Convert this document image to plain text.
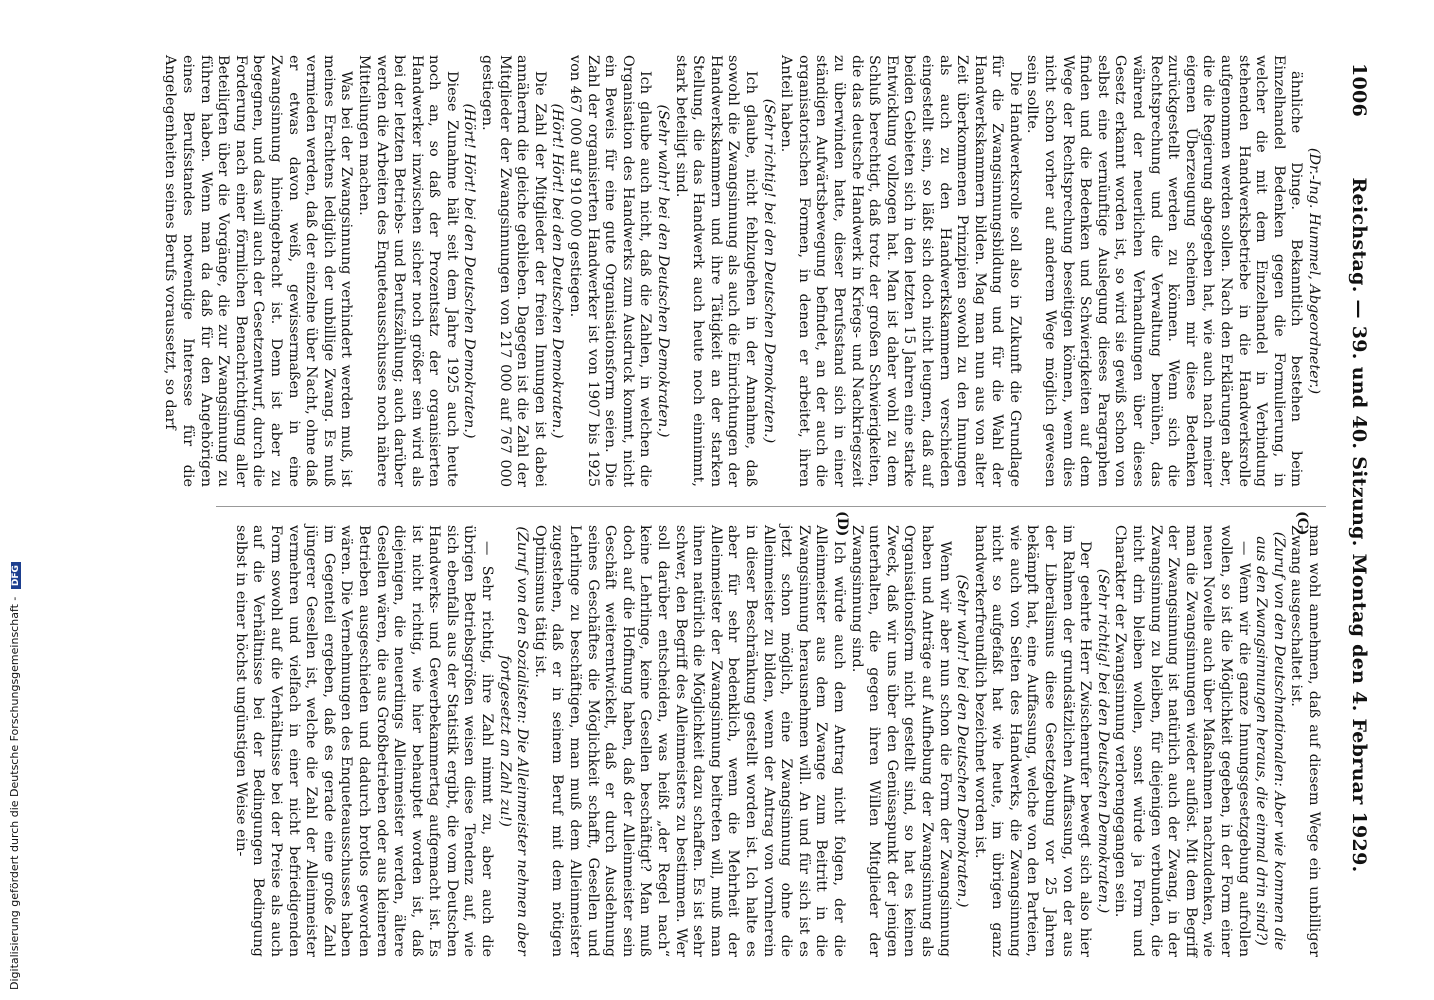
1006
Reichstag. — 39. und 40. Sitzung. Montag den 4. Februar 1929.
(C)
(D)

man wohl annehmen, daß auf diesem Wege ein unbilliger Zwang ausgeschaltet ist.

(Zuruf von den Deutschnationalen: Aber wie kommen die aus den Zwangsinnungen heraus, die einmal drin sind?)

— Wenn wir die ganze Innungsgesetzgebung aufrollen wollen, so ist die Möglichkeit gegeben, in der Form einer neuen Novelle auch über Maßnahmen nachzudenken, wie man die Zwangsinnungen wieder auflöst. Mit dem Begriff der Zwangsinnung ist natürlich auch der Zwang, in der Zwangsinnung zu bleiben, für diejenigen verbunden, die nicht drin bleiben wollen, sonst würde ja Form und Charakter der Zwangsinnung verlorengegangen sein.

(Sehr richtig! bei den Deutschen Demokraten.)

Der geehrte Herr Zwischenrufer bewegt sich also hier im Rahmen der grundsätzlichen Auffassung, von der aus der Liberalismus diese Gesetzgebung vor 25 Jahren bekämpft hat, eine Auffassung, welche von den Parteien, wie auch von Seiten des Handwerks, die Zwangsinnung nicht so aufgefaßt hat wie heute, im übrigen ganz handwerkerfreundlich bezeichnet worden ist.

(Sehr wahr! bei den Deutschen Demokraten.)

Wenn wir aber nun schon die Form der Zwangsinnung haben und Anträge auf Aufhebung der Zwangsinnung als Organisationsform nicht gestellt sind, so hat es keinen Zweck, daß wir uns über den Genüsaspunkt der jenigen unterhalten, die gegen ihren Willen Mitglieder der Zwangsinnung sind.

Ich würde auch dem Antrag nicht folgen, der die Alleinmeister aus dem Zwange zum Beitritt in die Zwangsinnung herausnehmen will. An und für sich ist es jetzt schon möglich, eine Zwangsinnung ohne die Alleinmeister zu bilden, wenn der Antrag von vornherein in dieser Beschränkung gestellt worden ist. Ich halte es aber für sehr bedenklich, wenn die Mehrheit der Alleinmeister der Zwangsinnung beitreten will, muß man ihnen natürlich die Möglichkeit dazu schaffen. Es ist sehr schwer, den Begriff des Alleinmeisters zu bestimmen. Wer soll darüber entscheiden, was heißt „der Regel nach“ keine Lehrlinge, keine Gesellen beschäftigt? Man muß doch auf die Hoffnung haben, daß der Alleinmeister sein Geschäft weiterentwickelt, daß er durch Ausdehnung seines Geschäftes die Möglichkeit schafft, Gesellen und Lehrlinge zu beschäftigen, man muß dem Alleinmeister zugestehen, daß er in seinem Beruf mit dem nötigen Optimismus tätig ist.

(Zuruf von den Sozialisten: Die Alleinmeister nehmen aber fortgesetzt an Zahl zu!)

— Sehr richtig, ihre Zahl nimmt zu, aber auch die übrigen Betriebsgrößen weisen diese Tendenz auf, wie sich ebenfalls aus der Statistik ergibt, die vom Deutschen Handwerks- und Gewerbekammertag aufgemacht ist. Es ist nicht richtig, wie hier behauptet worden ist, daß diejenigen, die neuerdings Alleinmeister werden, ältere Gesellen wären, die aus Großbetrieben oder aus kleineren Betrieben ausgeschieden und dadurch brotlos geworden wären. Die Vernehmungen des Enqueteausschusses haben im Gegenteil ergeben, daß es gerade eine große Zahl jüngerer Gesellen ist, welche die Zahl der Alleinmeister vermehren und vielfach in einer nicht befriedigenden Form sowohl auf die Verhältnisse bei der Preise als auch auf die Verhältnisse bei der Bedingungen Bedingung selbst in einer höchst ungünstigen Weise ein-

(Dr.-Ing. Hummel, Abgeordneter.)

ähnliche Dinge. Bekanntlich bestehen beim Einzelhandel Bedenken gegen die Formulierung, in welcher die mit dem Einzelhandel in Verbindung stehenden Handwerksbetriebe in die Handwerksrolle aufgenommen werden sollen. Nach den Erklärungen aber, die die Regierung abgegeben hat, wie auch nach meiner eigenen Überzeugung scheinen mir diese Bedenken zurückgestellt werden zu können. Wenn sich die Rechtsprechung und die Verwaltung bemühen, das während der neuerlichen Verhandlungen über dieses Gesetz erkannt worden ist, so wird sie gewiß schon von selbst eine vernünftige Auslegung dieses Paragraphen finden und die Bedenken und Schwierigkeiten auf dem Wege der Rechtsprechung beseitigen können, wenn dies nicht schon vorher auf anderem Wege möglich gewesen sein sollte.

Die Handwerksrolle soll also in Zukunft die Grundlage für die Zwangsinnungsbildung und für die Wahl der Handwerkskammern bilden. Mag man nun aus von alter Zeit überkommenen Prinzipien sowohl zu den Innungen als auch zu den Handwerkskammern verschieden eingestellt sein, so läßt sich doch nicht leugnen, daß auf beiden Gebieten sich in den letzten 15 Jahren eine starke Entwicklung vollzogen hat. Man ist daher wohl zu dem Schluß berechtigt, daß trotz der großen Schwierigkeiten, die das deutsche Handwerk in Kriegs- und Nachkriegszeit zu überwinden hatte, dieser Berufsstand sich in einer ständigen Aufwärtsbewegung befindet, an der auch die organisatorischen Formen, in denen er arbeitet, ihren Anteil haben.

(Sehr richtig! bei den Deutschen Demokraten.)

Ich glaube, nicht fehlzugehen in der Annahme, daß sowohl die Zwangsinnung als auch die Einrichtungen der Handwerkskammern und ihre Tätigkeit an der starken Stellung, die das Handwerk auch heute noch einnimmt, stark beteiligt sind.

(Sehr wahr! bei den Deutschen Demokraten.)

Ich glaube auch nicht, daß die Zahlen, in welchen die Organisation des Handwerks zum Ausdruck kommt, nicht ein Beweis für eine gute Organisationsform seien. Die Zahl der organisierten Handwerker ist von 1907 bis 1925 von 467 000 auf 910 000 gestiegen.

(Hört! Hört! bei den Deutschen Demokraten.)

Die Zahl der Mitglieder der freien Innungen ist dabei annähernd die gleiche geblieben. Dagegen ist die Zahl der Mitglieder der Zwangsinnungen von 217 000 auf 767 000 gestiegen.

(Hört! Hört! bei den Deutschen Demokraten.)

Diese Zunahme hält seit dem Jahre 1925 auch heute noch an, so daß der Prozentsatz der organisierten Handwerker inzwischen sicher noch größer sein wird als bei der letzten Betriebs- und Berufszählung; auch darüber werden die Arbeiten des Enqueteausschusses noch nähere Mitteilungen machen.

Was bei der Zwangsinnung verhindert werden muß, ist meines Erachtens lediglich der unbillige Zwang. Es muß vermieden werden, daß der einzelne über Nacht, ohne daß er etwas davon weiß, gewissermaßen in eine Zwangsinnung hineingebracht ist. Denn ist aber zu begegnen, und das will auch der Gesetzentwurf, durch die Forderung nach einer förmlichen Benachrichtigung aller Beteiligten über die Vorgänge, die zur Zwangsinnung zu führen haben. Wenn man da daß für den Angehörigen eines Berufsstandes notwendige Interesse für die Angelegenheiten seines Berufs voraussetzt, so darf

Digitalisierung gefördert durch die Deutsche Forschungsgemeinschaft - DFG
